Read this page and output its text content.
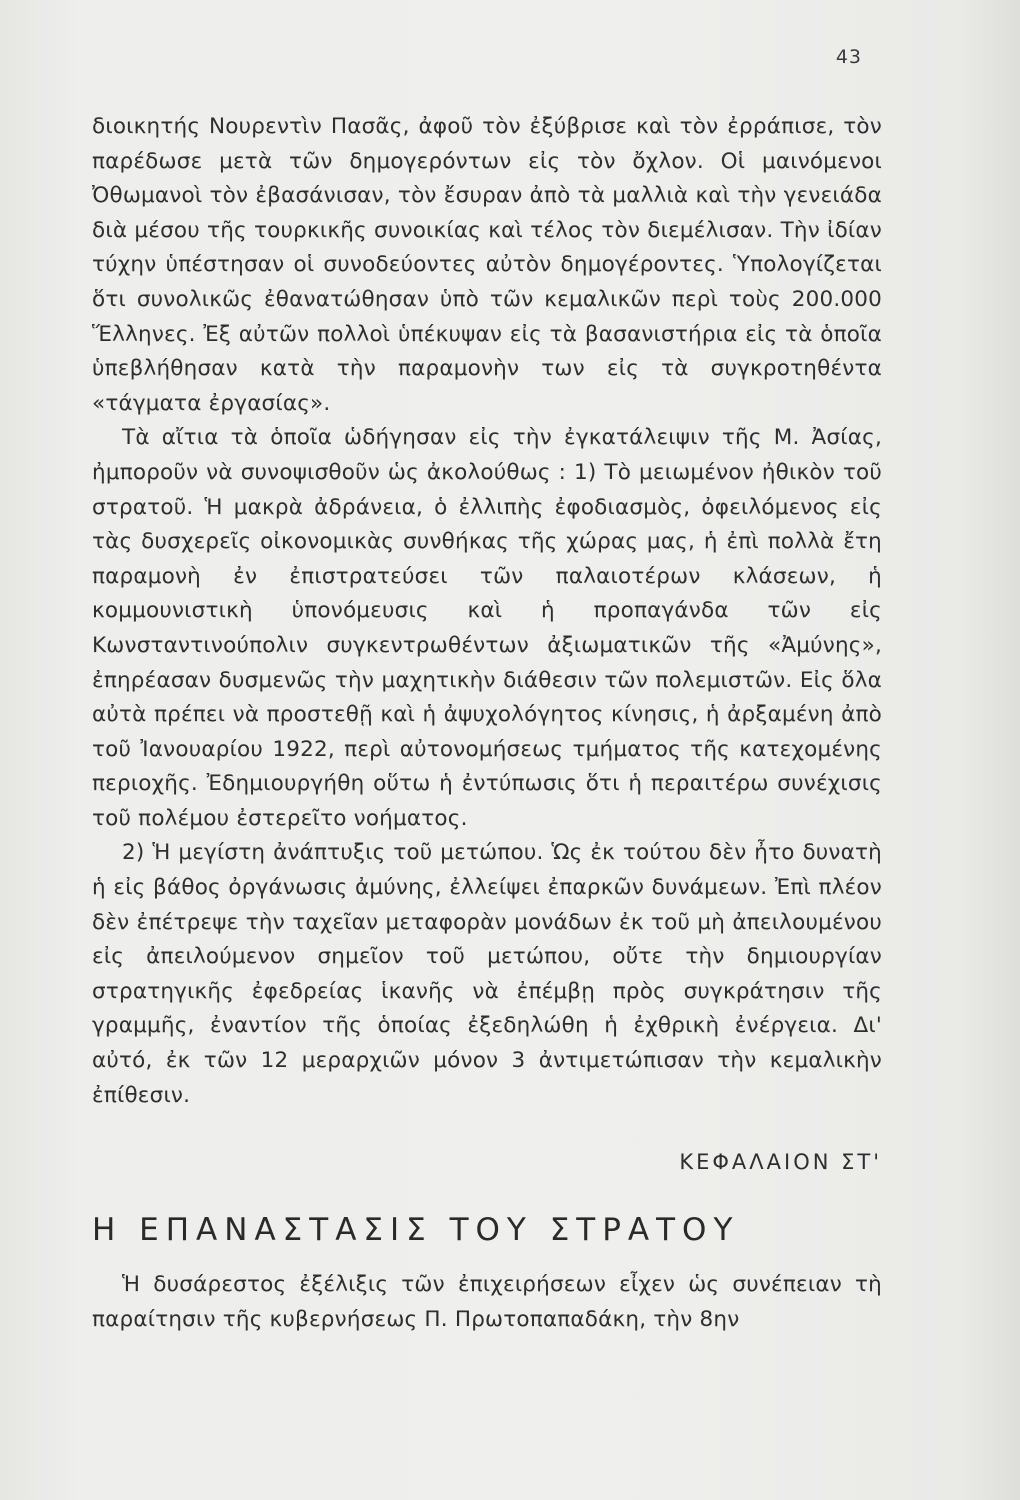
43

διοικητής Νουρεντὶν Πασᾶς, ἀφοῦ τὸν ἐξύβρισε καὶ τὸν ἐρράπισε, τὸν παρέδωσε μετὰ τῶν δημογερόντων εἰς τὸν ὄχλον. Οἱ μαινόμενοι Ὀθωμανοὶ τὸν ἐβασάνισαν, τὸν ἔσυραν ἀπὸ τὰ μαλλιὰ καὶ τὴν γενειάδα διὰ μέσου τῆς τουρκικῆς συνοικίας καὶ τέλος τὸν διεμέλισαν. Τὴν ἰδίαν τύχην ὑπέστησαν οἱ συνοδεύοντες αὐτὸν δημογέροντες. Ὑπολογίζεται ὅτι συνολικῶς ἐθανατώθησαν ὑπὸ τῶν κεμαλικῶν περὶ τοὺς 200.000 Ἕλληνες. Ἐξ αὐτῶν πολλοὶ ὑπέκυψαν εἰς τὰ βασανιστήρια εἰς τὰ ὁποῖα ὑπεβλήθησαν κατὰ τὴν παραμονὴν των εἰς τὰ συγκροτηθέντα «τάγματα ἐργασίας».

Τὰ αἴτια τὰ ὁποῖα ὡδήγησαν εἰς τὴν ἐγκατάλειψιν τῆς Μ. Ἀσίας, ἠμποροῦν νὰ συνοψισθοῦν ὡς ἀκολούθως : 1) Τὸ μειωμένον ἠθικὸν τοῦ στρατοῦ. Ἡ μακρὰ ἀδράνεια, ὁ ἐλλιπὴς ἐφοδιασμὸς, ὀφειλόμενος εἰς τὰς δυσχερεῖς οἰκονομικὰς συνθήκας τῆς χώρας μας, ἡ ἐπὶ πολλὰ ἔτη παραμονὴ ἐν ἐπιστρατεύσει τῶν παλαιοτέρων κλάσεων, ἡ κομμουνιστικὴ ὑπονόμευσις καὶ ἡ προπαγάνδα τῶν εἰς Κωνσταντινούπολιν συγκεντρωθέντων ἀξιωματικῶν τῆς «Ἀμύνης», ἐπηρέασαν δυσμενῶς τὴν μαχητικὴν διάθεσιν τῶν πολεμιστῶν. Εἰς ὅλα αὐτὰ πρέπει νὰ προστεθῇ καὶ ἡ ἀψυχολόγητος κίνησις, ἡ ἀρξαμένη ἀπὸ τοῦ Ἰανουαρίου 1922, περὶ αὐτονομήσεως τμήματος τῆς κατεχομένης περιοχῆς. Ἐδημιουργήθη οὕτω ἡ ἐντύπωσις ὅτι ἡ περαιτέρω συνέχισις τοῦ πολέμου ἐστερεῖτο νοήματος.

2) Ἡ μεγίστη ἀνάπτυξις τοῦ μετώπου. Ὡς ἐκ τούτου δὲν ἦτο δυνατὴ ἡ εἰς βάθος ὀργάνωσις ἀμύνης, ἐλλείψει ἐπαρκῶν δυνάμεων. Ἐπὶ πλέον δὲν ἐπέτρεψε τὴν ταχεῖαν μεταφορὰν μονάδων ἐκ τοῦ μὴ ἀπειλουμένου εἰς ἀπειλούμενον σημεῖον τοῦ μετώπου, οὔτε τὴν δημιουργίαν στρατηγικῆς ἐφεδρείας ἱκανῆς νὰ ἐπέμβῃ πρὸς συγκράτησιν τῆς γραμμῆς, ἐναντίον τῆς ὁποίας ἐξεδηλώθη ἡ ἐχθρικὴ ἐνέργεια. Δι' αὐτό, ἐκ τῶν 12 μεραρχιῶν μόνον 3 ἀντιμετώπισαν τὴν κεμαλικὴν ἐπίθεσιν.

ΚΕΦΑΛΑΙΟΝ ΣΤ'
Η ΕΠΑΝΑΣΤΑΣΙΣ ΤΟΥ ΣΤΡΑΤΟΥ

Ἡ δυσάρεστος ἐξέλιξις τῶν ἐπιχειρήσεων εἶχεν ὡς συνέπειαν τὴ παραίτησιν τῆς κυβερνήσεως Π. Πρωτοπαπαδάκη, τὴν 8ην
